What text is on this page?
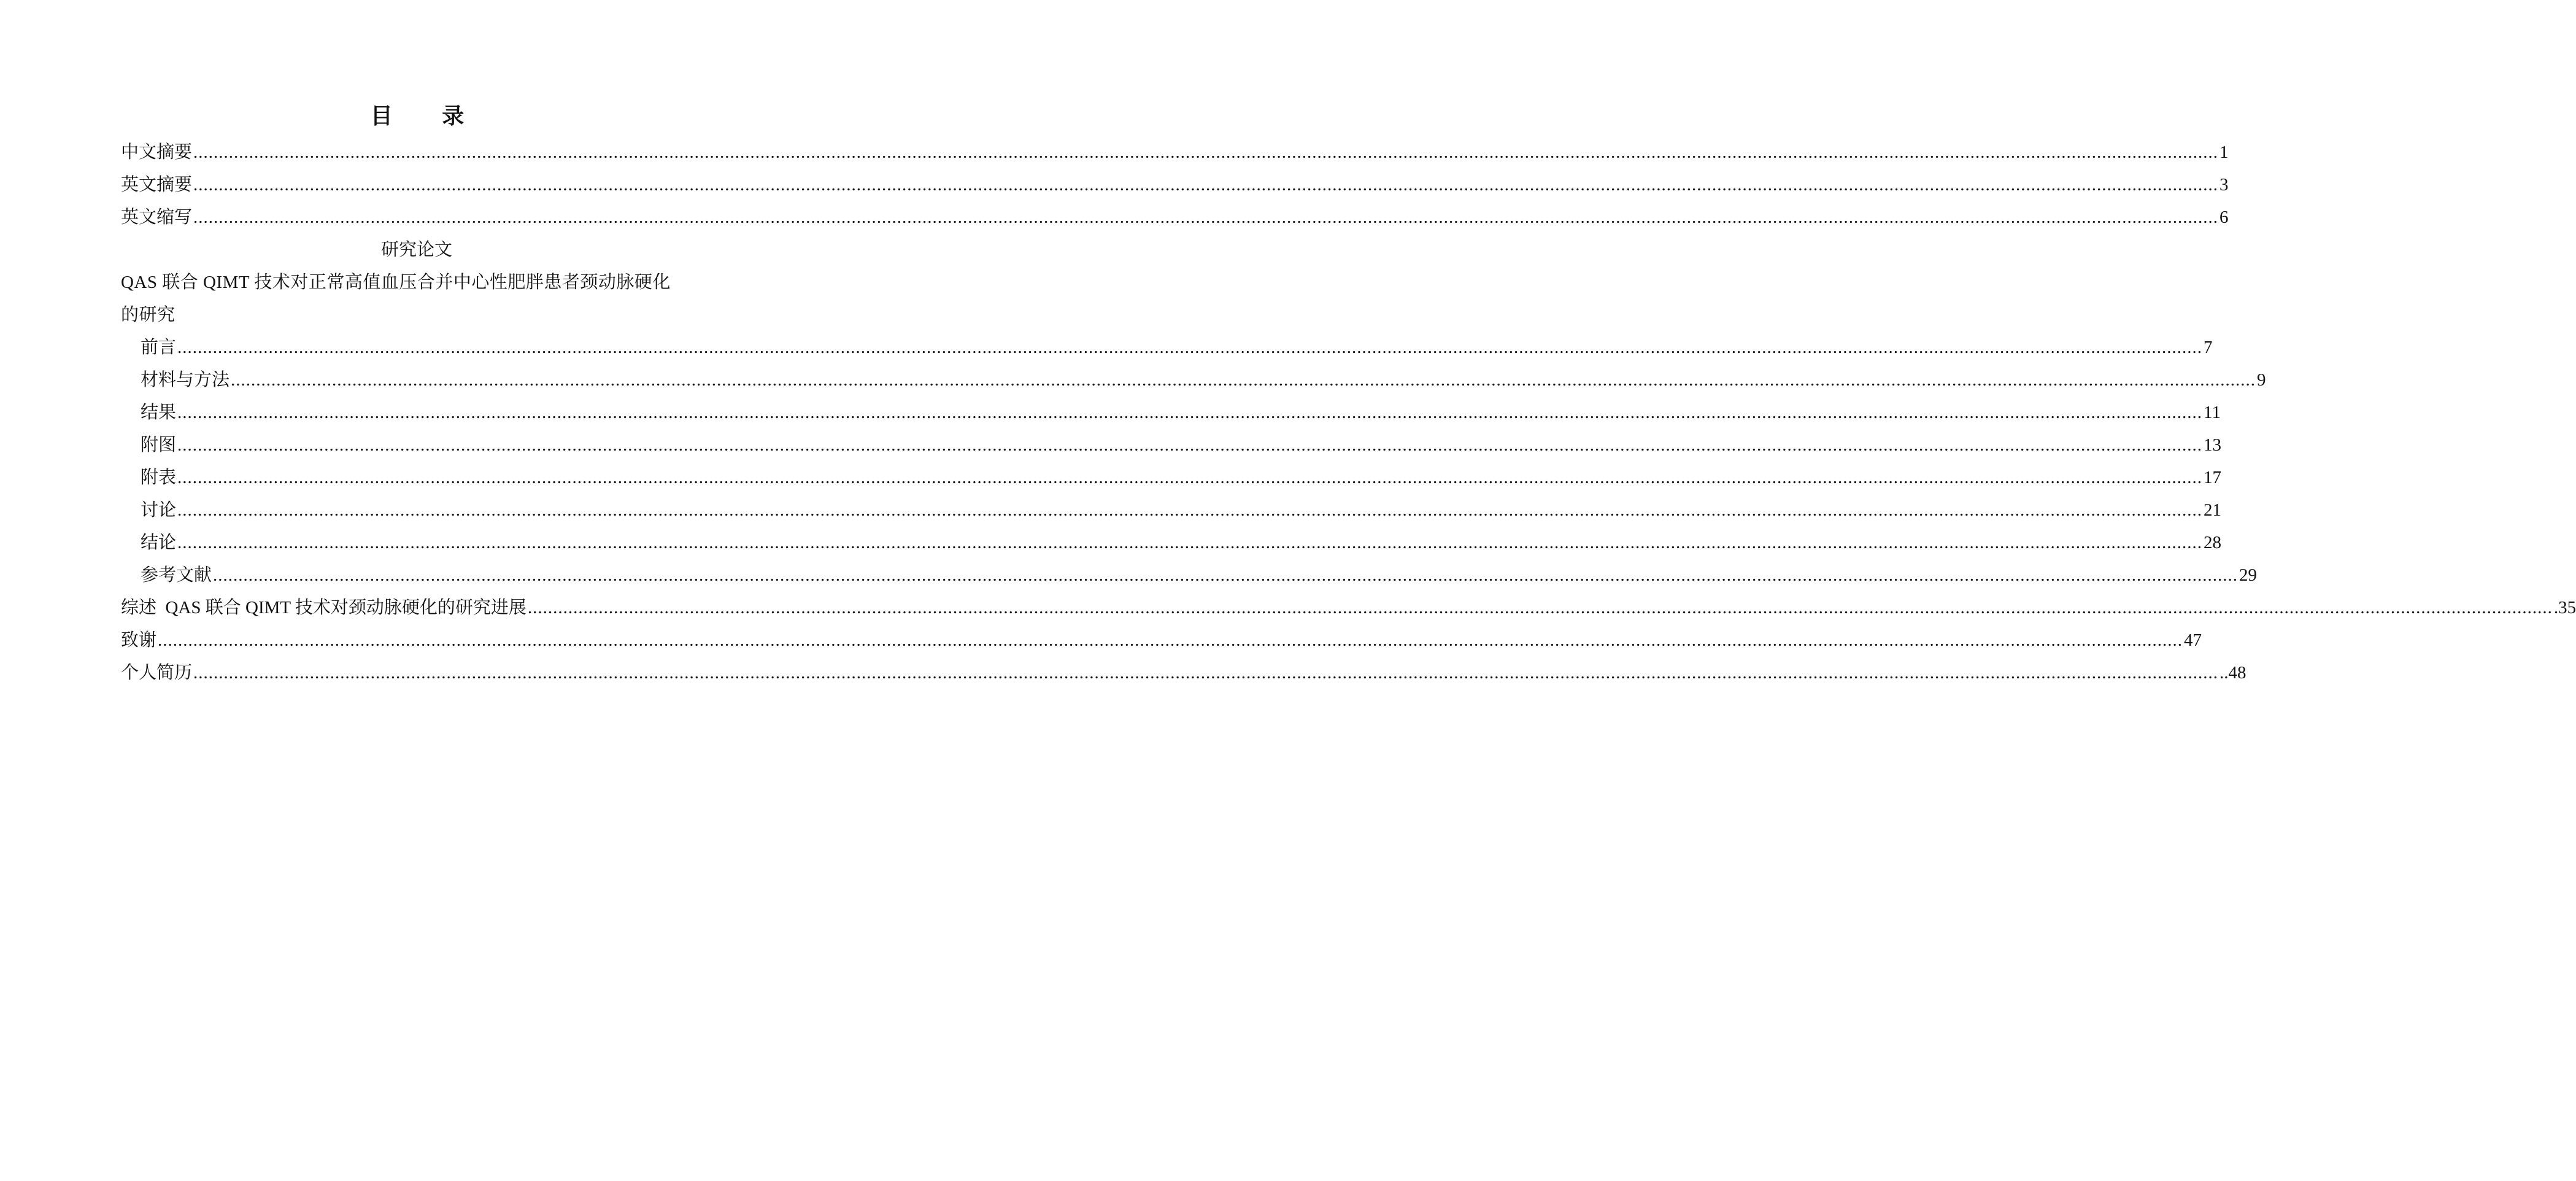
目 录
中文摘要 ................................................................................................................................................................................................................................................................................................................................................................................................................ 1
英文摘要 ................................................................................................................................................................................................................................................................................................................................................................................................................ 3
英文缩写 ................................................................................................................................................................................................................................................................................................................................................................................................................ 6
研究论文
QAS 联合 QIMT 技术对正常高值血压合并中心性肥胖患者颈动脉硬化
的研究
前言 ................................................................................................................................................................................................................................................................................................................................................................................................................ 7
材料与方法 ................................................................................................................................................................................................................................................................................................................................................................................................................ 9
结果 ................................................................................................................................................................................................................................................................................................................................................................................................................ 11
附图 ................................................................................................................................................................................................................................................................................................................................................................................................................ 13
附表 ................................................................................................................................................................................................................................................................................................................................................................................................................ 17
讨论 ................................................................................................................................................................................................................................................................................................................................................................................................................ 21
结论 ................................................................................................................................................................................................................................................................................................................................................................................................................ 28
参考文献 ................................................................................................................................................................................................................................................................................................................................................................................................................ 29
综述  QAS 联合 QIMT 技术对颈动脉硬化的研究进展 ................................................................................................................................................................................................................................................................................................................................................................................................................ .35
致谢 ................................................................................................................................................................................................................................................................................................................................................................................................................ 47
个人简历 ................................................................................................................................................................................................................................................................................................................................................................................................................ ..48
